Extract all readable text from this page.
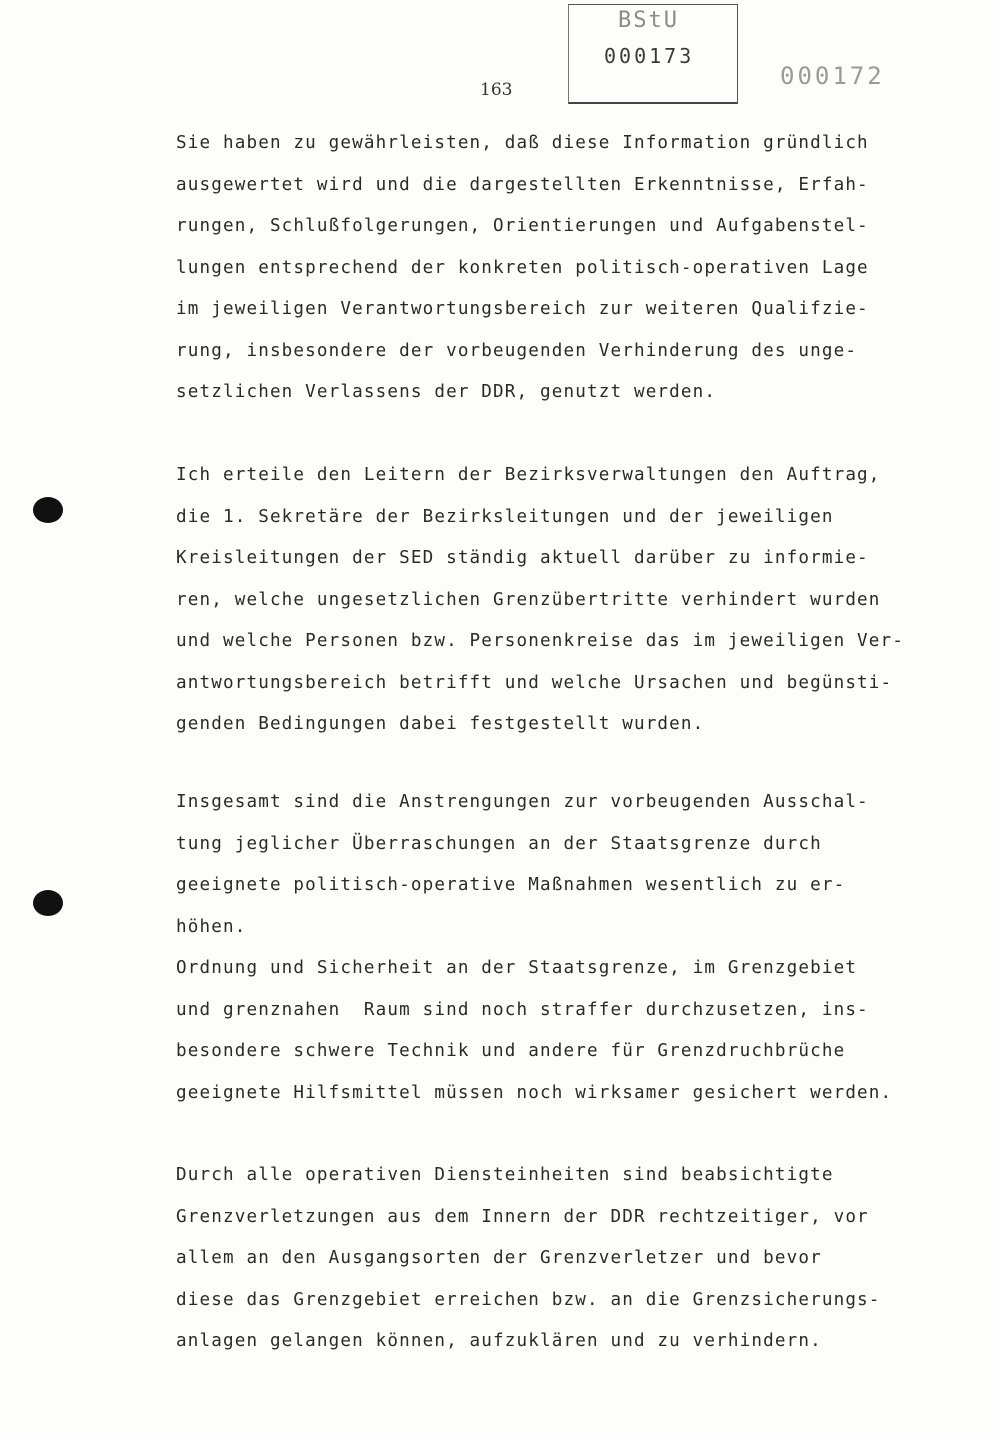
BStU
000173
000172
163
Sie haben zu gewährleisten, daß diese Information gründlich
ausgewertet wird und die dargestellten Erkenntnisse, Erfah-
rungen, Schlußfolgerungen, Orientierungen und Aufgabenstel-
lungen entsprechend der konkreten politisch-operativen Lage
im jeweiligen Verantwortungsbereich zur weiteren Qualifzie-
rung, insbesondere der vorbeugenden Verhinderung des unge-
setzlichen Verlassens der DDR, genutzt werden.
Ich erteile den Leitern der Bezirksverwaltungen den Auftrag,
die 1. Sekretäre der Bezirksleitungen und der jeweiligen
Kreisleitungen der SED ständig aktuell darüber zu informie-
ren, welche ungesetzlichen Grenzübertritte verhindert wurden
und welche Personen bzw. Personenkreise das im jeweiligen Ver-
antwortungsbereich betrifft und welche Ursachen und begünsti-
genden Bedingungen dabei festgestellt wurden.
Insgesamt sind die Anstrengungen zur vorbeugenden Ausschal-
tung jeglicher Überraschungen an der Staatsgrenze durch
geeignete politisch-operative Maßnahmen wesentlich zu er-
höhen.
Ordnung und Sicherheit an der Staatsgrenze, im Grenzgebiet
und grenznahen  Raum sind noch straffer durchzusetzen, ins-
besondere schwere Technik und andere für Grenzdruchbrüche
geeignete Hilfsmittel müssen noch wirksamer gesichert werden.
Durch alle operativen Diensteinheiten sind beabsichtigte
Grenzverletzungen aus dem Innern der DDR rechtzeitiger, vor
allem an den Ausgangsorten der Grenzverletzer und bevor
diese das Grenzgebiet erreichen bzw. an die Grenzsicherungs-
anlagen gelangen können, aufzuklären und zu verhindern.
